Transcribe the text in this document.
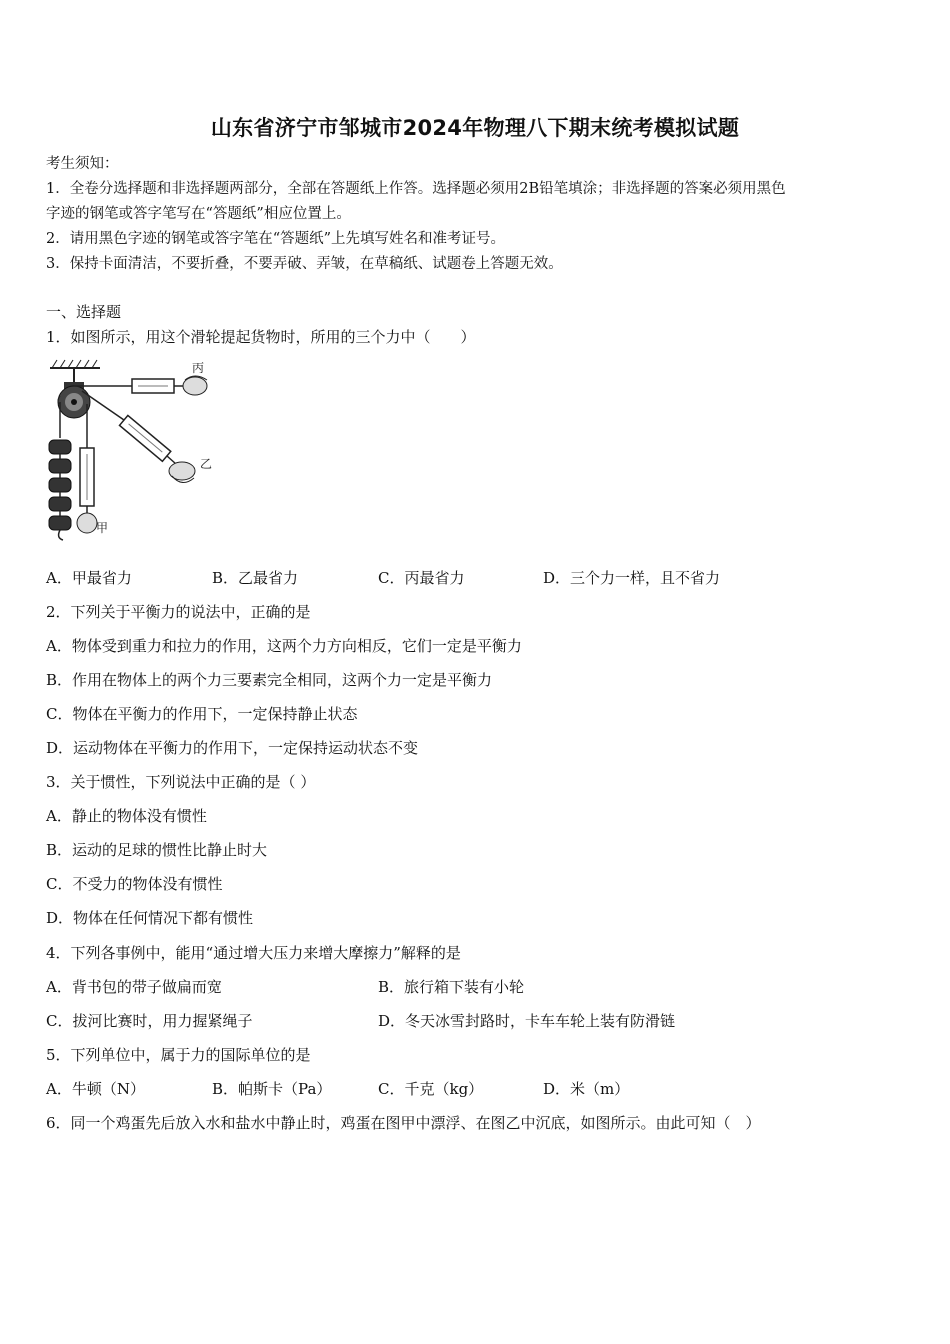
山东省济宁市邹城市2024年物理八下期末统考模拟试题
考生须知：
1．全卷分选择题和非选择题两部分，全部在答题纸上作答。选择题必须用2B铅笔填涂；非选择题的答案必须用黑色
字迹的钢笔或答字笔写在“答题纸”相应位置上。
2．请用黑色字迹的钢笔或答字笔在“答题纸”上先填写姓名和准考证号。
3．保持卡面清洁，不要折叠，不要弄破、弄皱，在草稿纸、试题卷上答题无效。
一、选择题
1．如图所示，用这个滑轮提起货物时，所用的三个力中（　　）
丙
乙
甲
A．甲最省力	B．乙最省力	C．丙最省力	D．三个力一样，且不省力
2．下列关于平衡力的说法中，正确的是
A．物体受到重力和拉力的作用，这两个力方向相反，它们一定是平衡力
B．作用在物体上的两个力三要素完全相同，这两个力一定是平衡力
C．物体在平衡力的作用下，一定保持静止状态
D．运动物体在平衡力的作用下，一定保持运动状态不变
3．关于惯性，下列说法中正确的是（ ）
A．静止的物体没有惯性
B．运动的足球的惯性比静止时大
C．不受力的物体没有惯性
D．物体在任何情况下都有惯性
4．下列各事例中，能用“通过增大压力来增大摩擦力”解释的是
A．背书包的带子做扁而宽	B．旅行箱下装有小轮
C．拔河比赛时，用力握紧绳子	D．冬天冰雪封路时，卡车车轮上装有防滑链
5．下列单位中，属于力的国际单位的是
A．牛顿（N）	B．帕斯卡（Pa）	C．千克（kg）	D．米（m）
6．同一个鸡蛋先后放入水和盐水中静止时，鸡蛋在图甲中漂浮、在图乙中沉底，如图所示。由此可知（　）
